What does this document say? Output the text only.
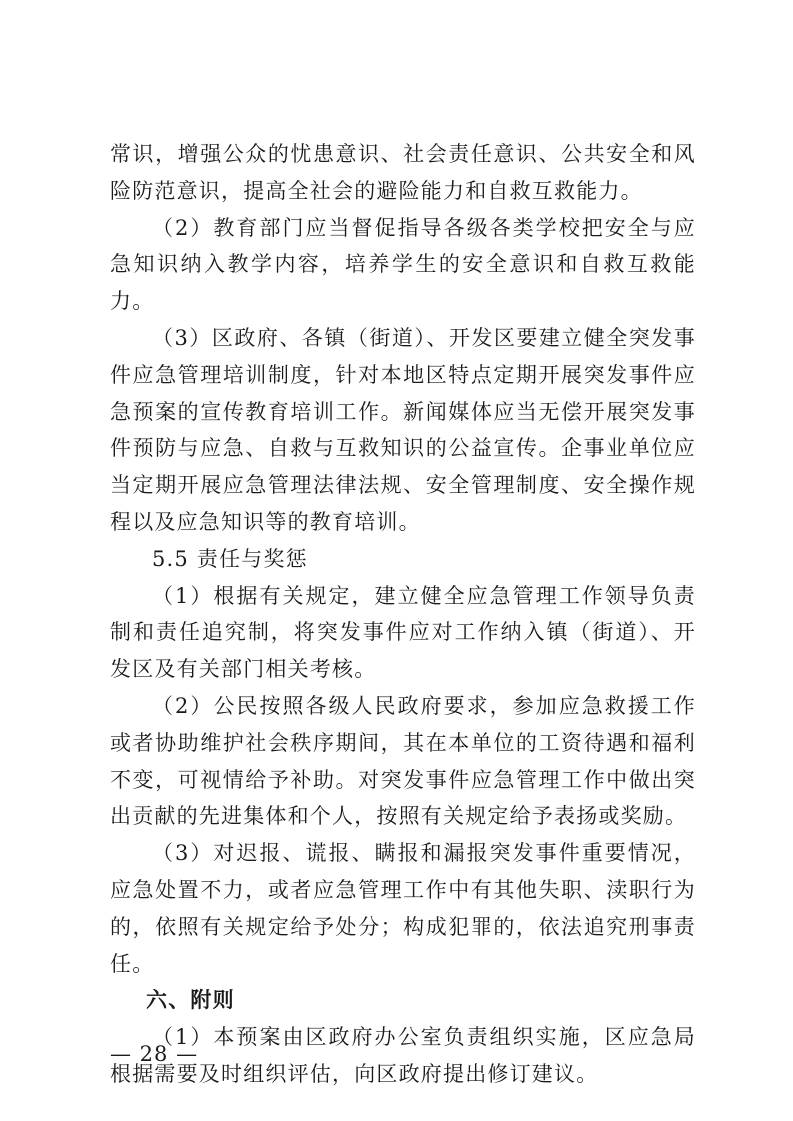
常识，增强公众的忧患意识、社会责任意识、公共安全和风险防范意识，提高全社会的避险能力和自救互救能力。

（2）教育部门应当督促指导各级各类学校把安全与应急知识纳入教学内容，培养学生的安全意识和自救互救能力。

（3）区政府、各镇（街道）、开发区要建立健全突发事件应急管理培训制度，针对本地区特点定期开展突发事件应急预案的宣传教育培训工作。新闻媒体应当无偿开展突发事件预防与应急、自救与互救知识的公益宣传。企事业单位应当定期开展应急管理法律法规、安全管理制度、安全操作规程以及应急知识等的教育培训。

5.5 责任与奖惩

（1）根据有关规定，建立健全应急管理工作领导负责制和责任追究制，将突发事件应对工作纳入镇（街道）、开发区及有关部门相关考核。

（2）公民按照各级人民政府要求，参加应急救援工作或者协助维护社会秩序期间，其在本单位的工资待遇和福利不变，可视情给予补助。对突发事件应急管理工作中做出突出贡献的先进集体和个人，按照有关规定给予表扬或奖励。

（3）对迟报、谎报、瞒报和漏报突发事件重要情况，应急处置不力，或者应急管理工作中有其他失职、渎职行为的，依照有关规定给予处分；构成犯罪的，依法追究刑事责任。

六、附则

（1）本预案由区政府办公室负责组织实施，区应急局根据需要及时组织评估，向区政府提出修订建议。

— 28 —
